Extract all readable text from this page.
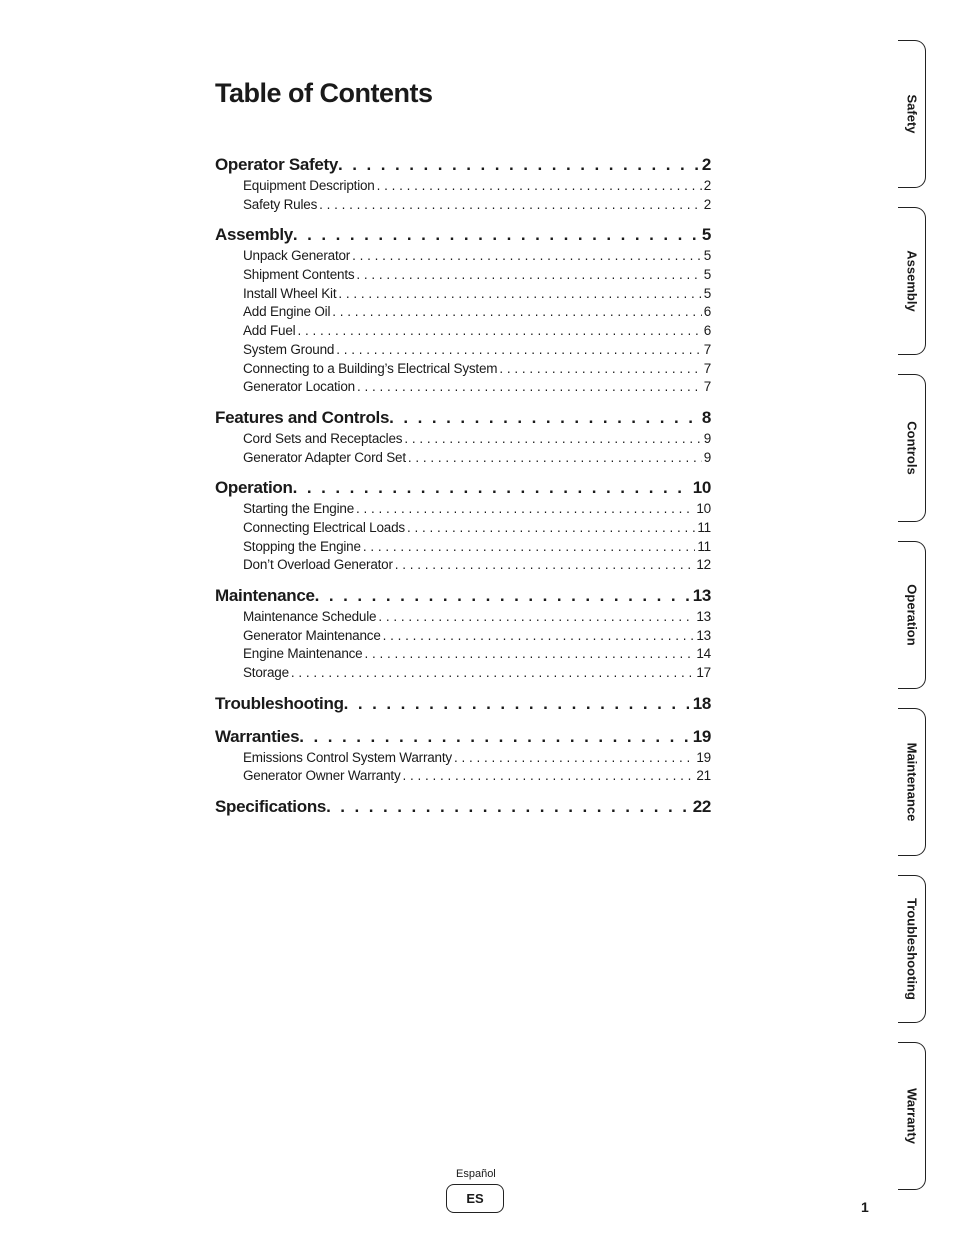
Table of Contents
Operator Safety . . .	2
Equipment Description . . .	2
Safety Rules . . .	2
Assembly . . .	5
Unpack Generator . . .	5
Shipment Contents . . .	5
Install Wheel Kit . . .	5
Add Engine Oil . . .	6
Add Fuel . . .	6
System Ground . . .	7
Connecting to a Building’s Electrical System . . .	7
Generator Location . . .	7
Features and Controls . . .	8
Cord Sets and Receptacles . . .	9
Generator Adapter Cord Set . . .	9
Operation . . .	10
Starting the Engine . . .	10
Connecting Electrical Loads . . .	11
Stopping the Engine . . .	11
Don’t Overload Generator . . .	12
Maintenance . . .	13
Maintenance Schedule . . .	13
Generator Maintenance . . .	13
Engine Maintenance . . .	14
Storage . . .	17
Troubleshooting . . .	18
Warranties . . .	19
Emissions Control System Warranty . . .	19
Generator Owner Warranty . . .	21
Specifications . . .	22
Safety
Assembly
Controls
Operation
Maintenance
Troubleshooting
Warranty
Español
ES
1
